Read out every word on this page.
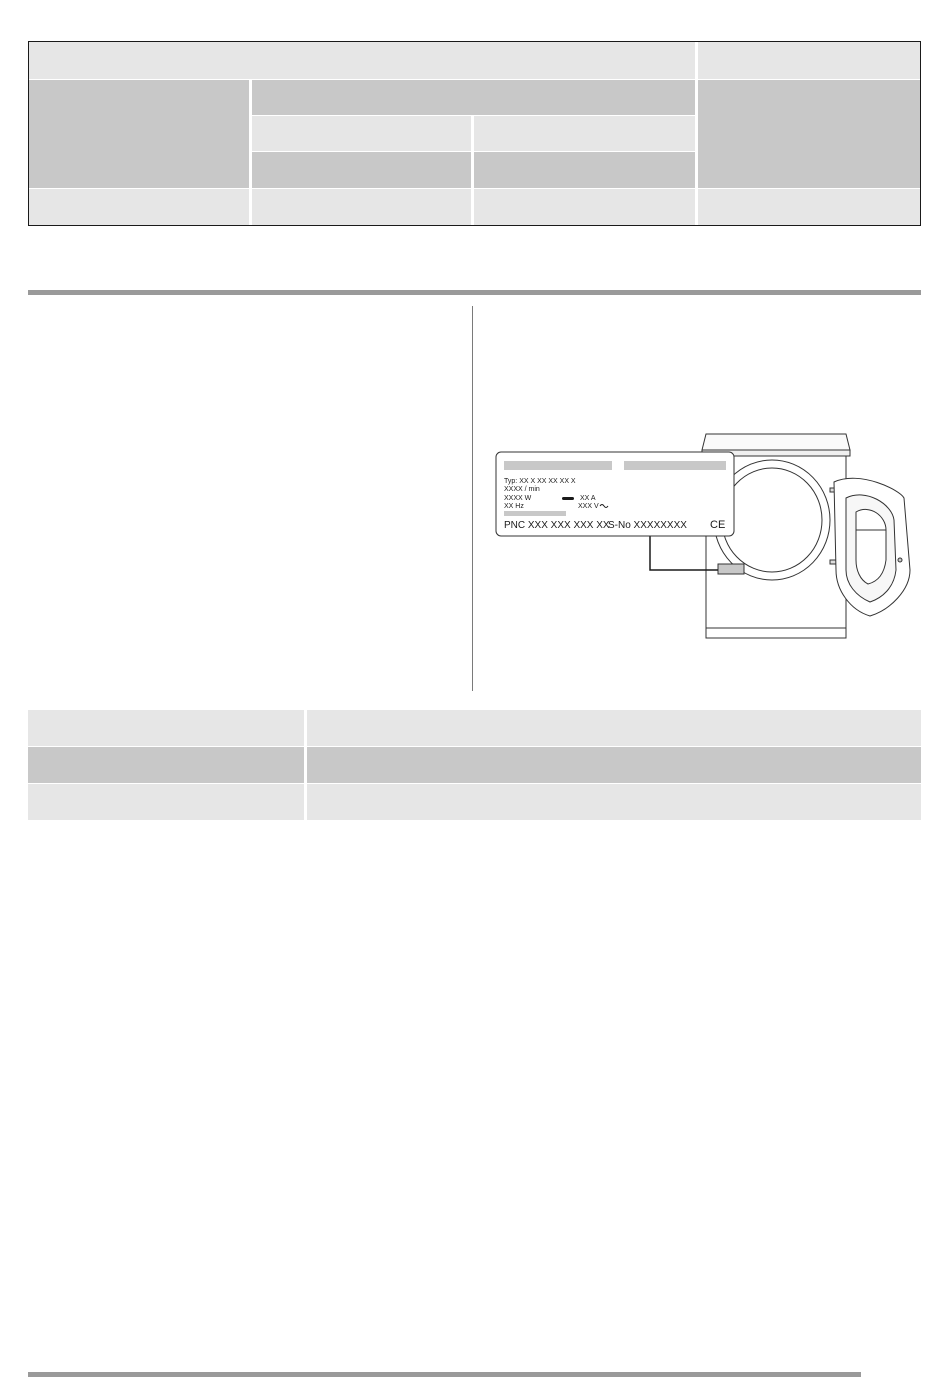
Typ: XX X XX XX XX X
XXXX / min
XXXX W
XX Hz
XX A
XXX V
PNC XXX XXX XXX XX
S-No XXXXXXXX CE
